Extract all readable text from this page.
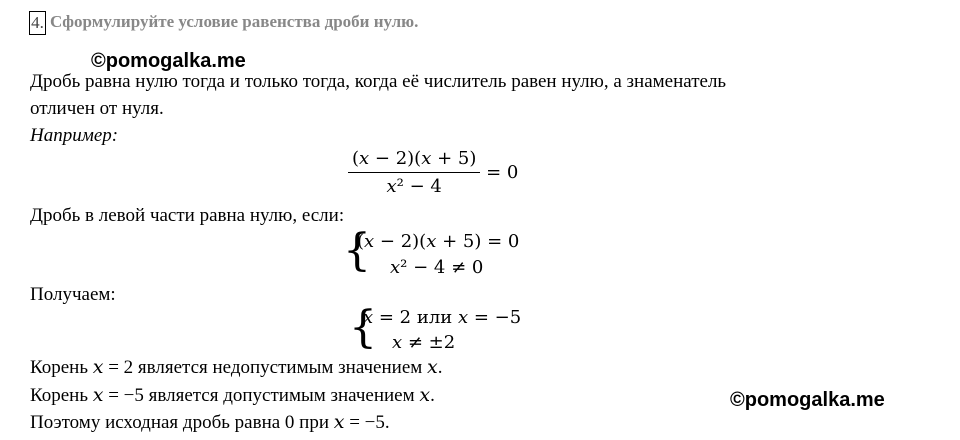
4. Сформулируйте условие равенства дроби нулю.
©pomogalka.me
Дробь равна нулю тогда и только тогда, когда её числитель равен нулю, а знаменатель
отличен от нуля.
Например:
$\frac{\text{(𝑥 − 2)(𝑥 + 5)}}{\text{𝑥² − 4}} = 0$
Дробь в левой части равна нулю, если:
{
(𝑥 − 2)(𝑥 + 5) = 0
𝑥² − 4 ≠ 0
Получаем:
{
𝑥 = 2 или 𝑥 = −5
𝑥 ≠ ±2
Корень 𝑥 = 2 является недопустимым значением 𝑥.
Корень 𝑥 = −5 является допустимым значением 𝑥.	©pomogalka.me
Поэтому исходная дробь равна 0 при 𝑥 = −5.
